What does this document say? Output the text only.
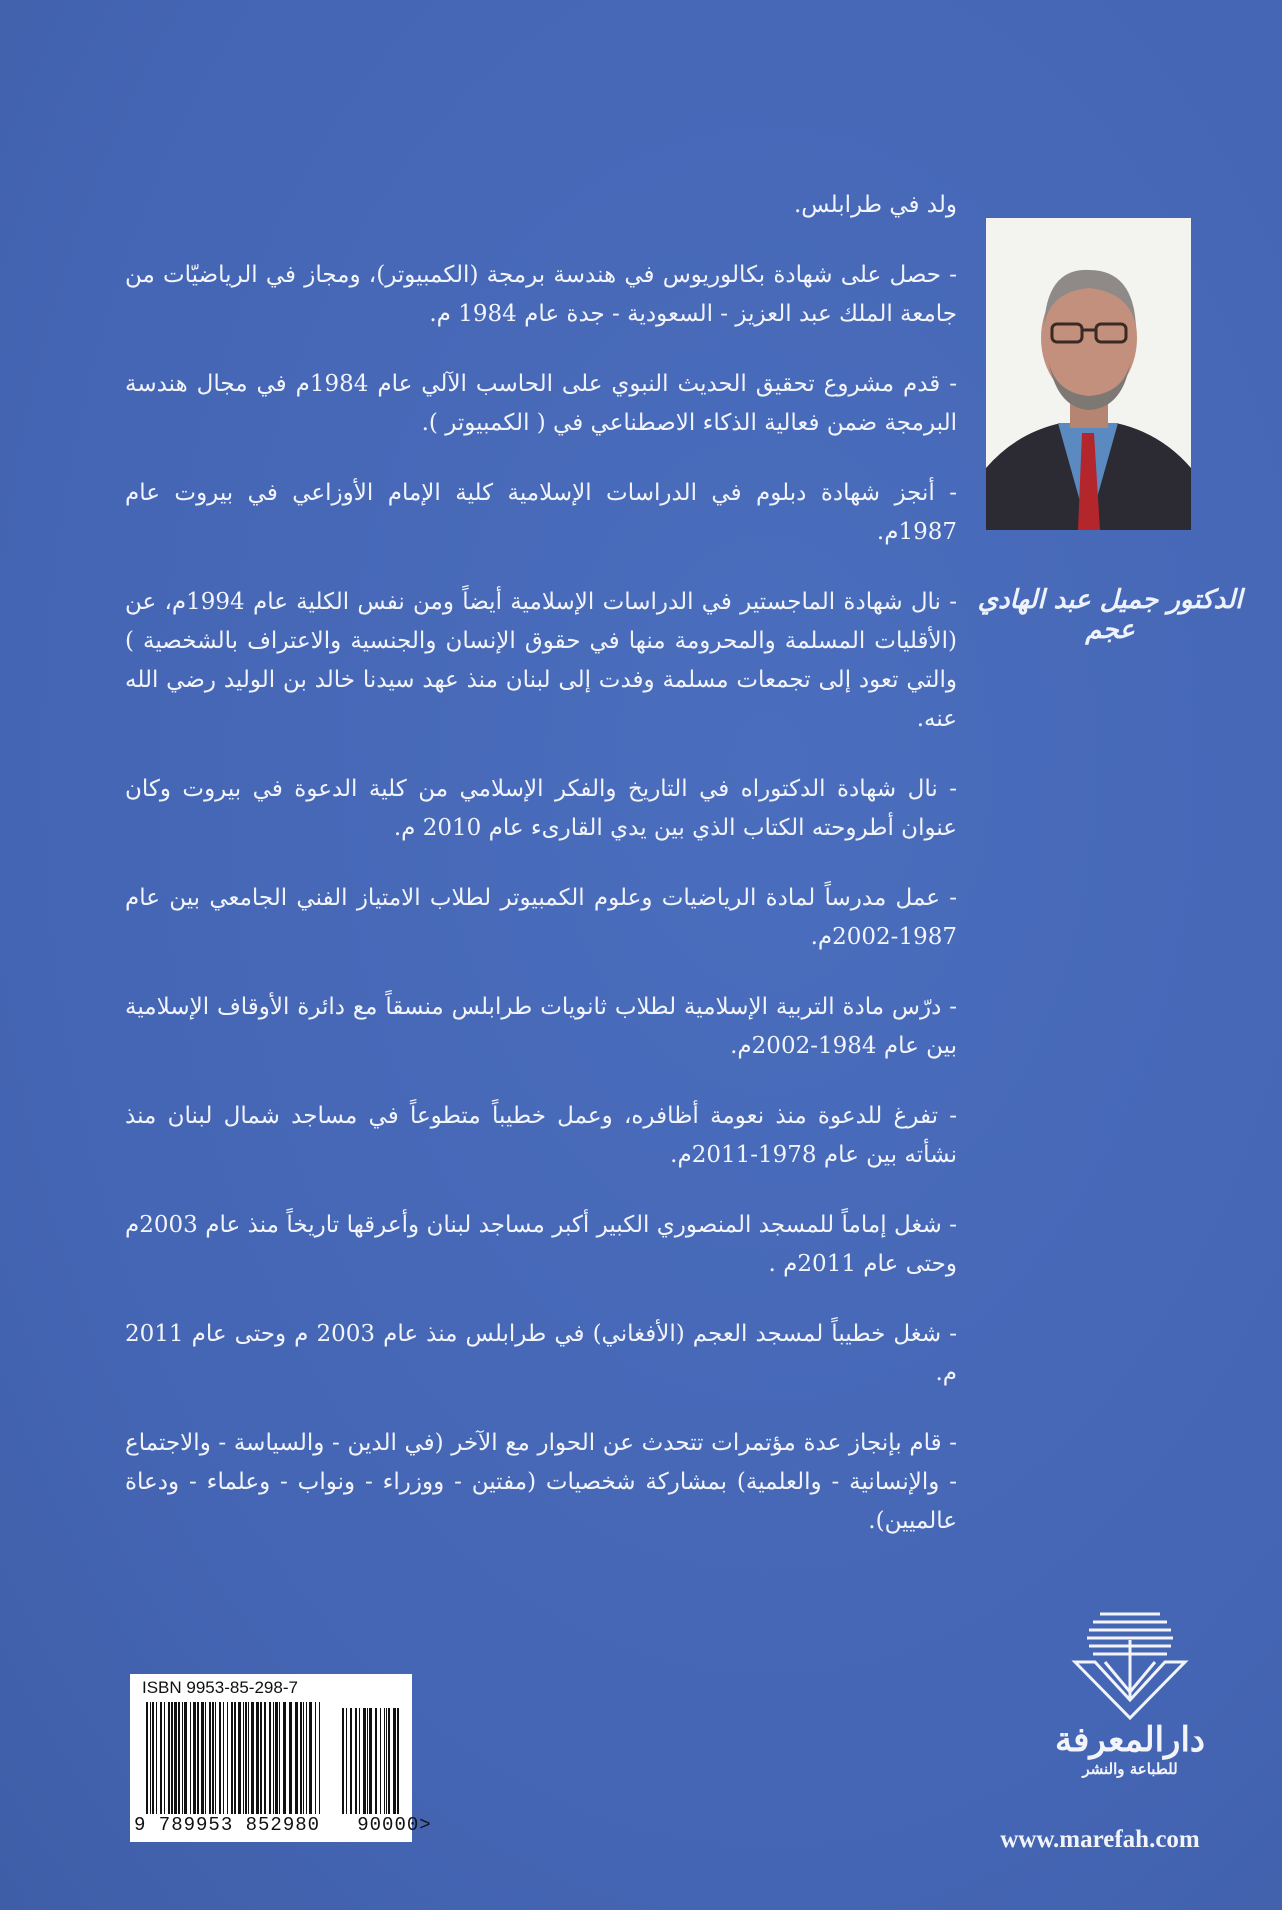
ولد في طرابلس.

- حصل على شهادة بكالوريوس في هندسة برمجة (الكمبيوتر)، ومجاز في الرياضيّات من جامعة الملك عبد العزيز - السعودية - جدة عام 1984 م.

- قدم مشروع تحقيق الحديث النبوي على الحاسب الآلي عام 1984م في مجال هندسة البرمجة ضمن فعالية الذكاء الاصطناعي في ( الكمبيوتر ).

- أنجز شهادة دبلوم في الدراسات الإسلامية كلية الإمام الأوزاعي في بيروت عام 1987م.

- نال شهادة الماجستير في الدراسات الإسلامية أيضاً ومن نفس الكلية عام 1994م، عن (الأقليات المسلمة والمحرومة منها في حقوق الإنسان والجنسية والاعتراف بالشخصية ) والتي تعود إلى تجمعات مسلمة وفدت إلى لبنان منذ عهد سيدنا خالد بن الوليد رضي الله عنه.

- نال شهادة الدكتوراه في التاريخ والفكر الإسلامي من كلية الدعوة في بيروت وكان عنوان أطروحته الكتاب الذي بين يدي القارىء عام 2010 م.

- عمل مدرساً لمادة الرياضيات وعلوم الكمبيوتر لطلاب الامتياز الفني الجامعي بين عام 1987-2002م.

- درّس مادة التربية الإسلامية لطلاب ثانويات طرابلس منسقاً مع دائرة الأوقاف الإسلامية بين عام 1984-2002م.

- تفرغ للدعوة منذ نعومة أظافره، وعمل خطيباً متطوعاً في مساجد شمال لبنان منذ نشأته بين عام 1978-2011م.

- شغل إماماً للمسجد المنصوري الكبير أكبر مساجد لبنان وأعرقها تاريخاً منذ عام 2003م وحتى عام 2011م .

- شغل خطيباً لمسجد العجم (الأفغاني) في طرابلس منذ عام 2003 م وحتى عام 2011 م.

- قام بإنجاز عدة مؤتمرات تتحدث عن الحوار مع الآخر (في الدين - والسياسة - والاجتماع - والإنسانية - والعلمية) بمشاركة شخصيات (مفتين - ووزراء - ونواب - وعلماء - ودعاة عالميين).

الدكتور جميل عبد الهادي عجم
ISBN 9953-85-298-7
9 789953 852980   90000>
دارالمعرفة
للطباعة والنشر
www.marefah.com
